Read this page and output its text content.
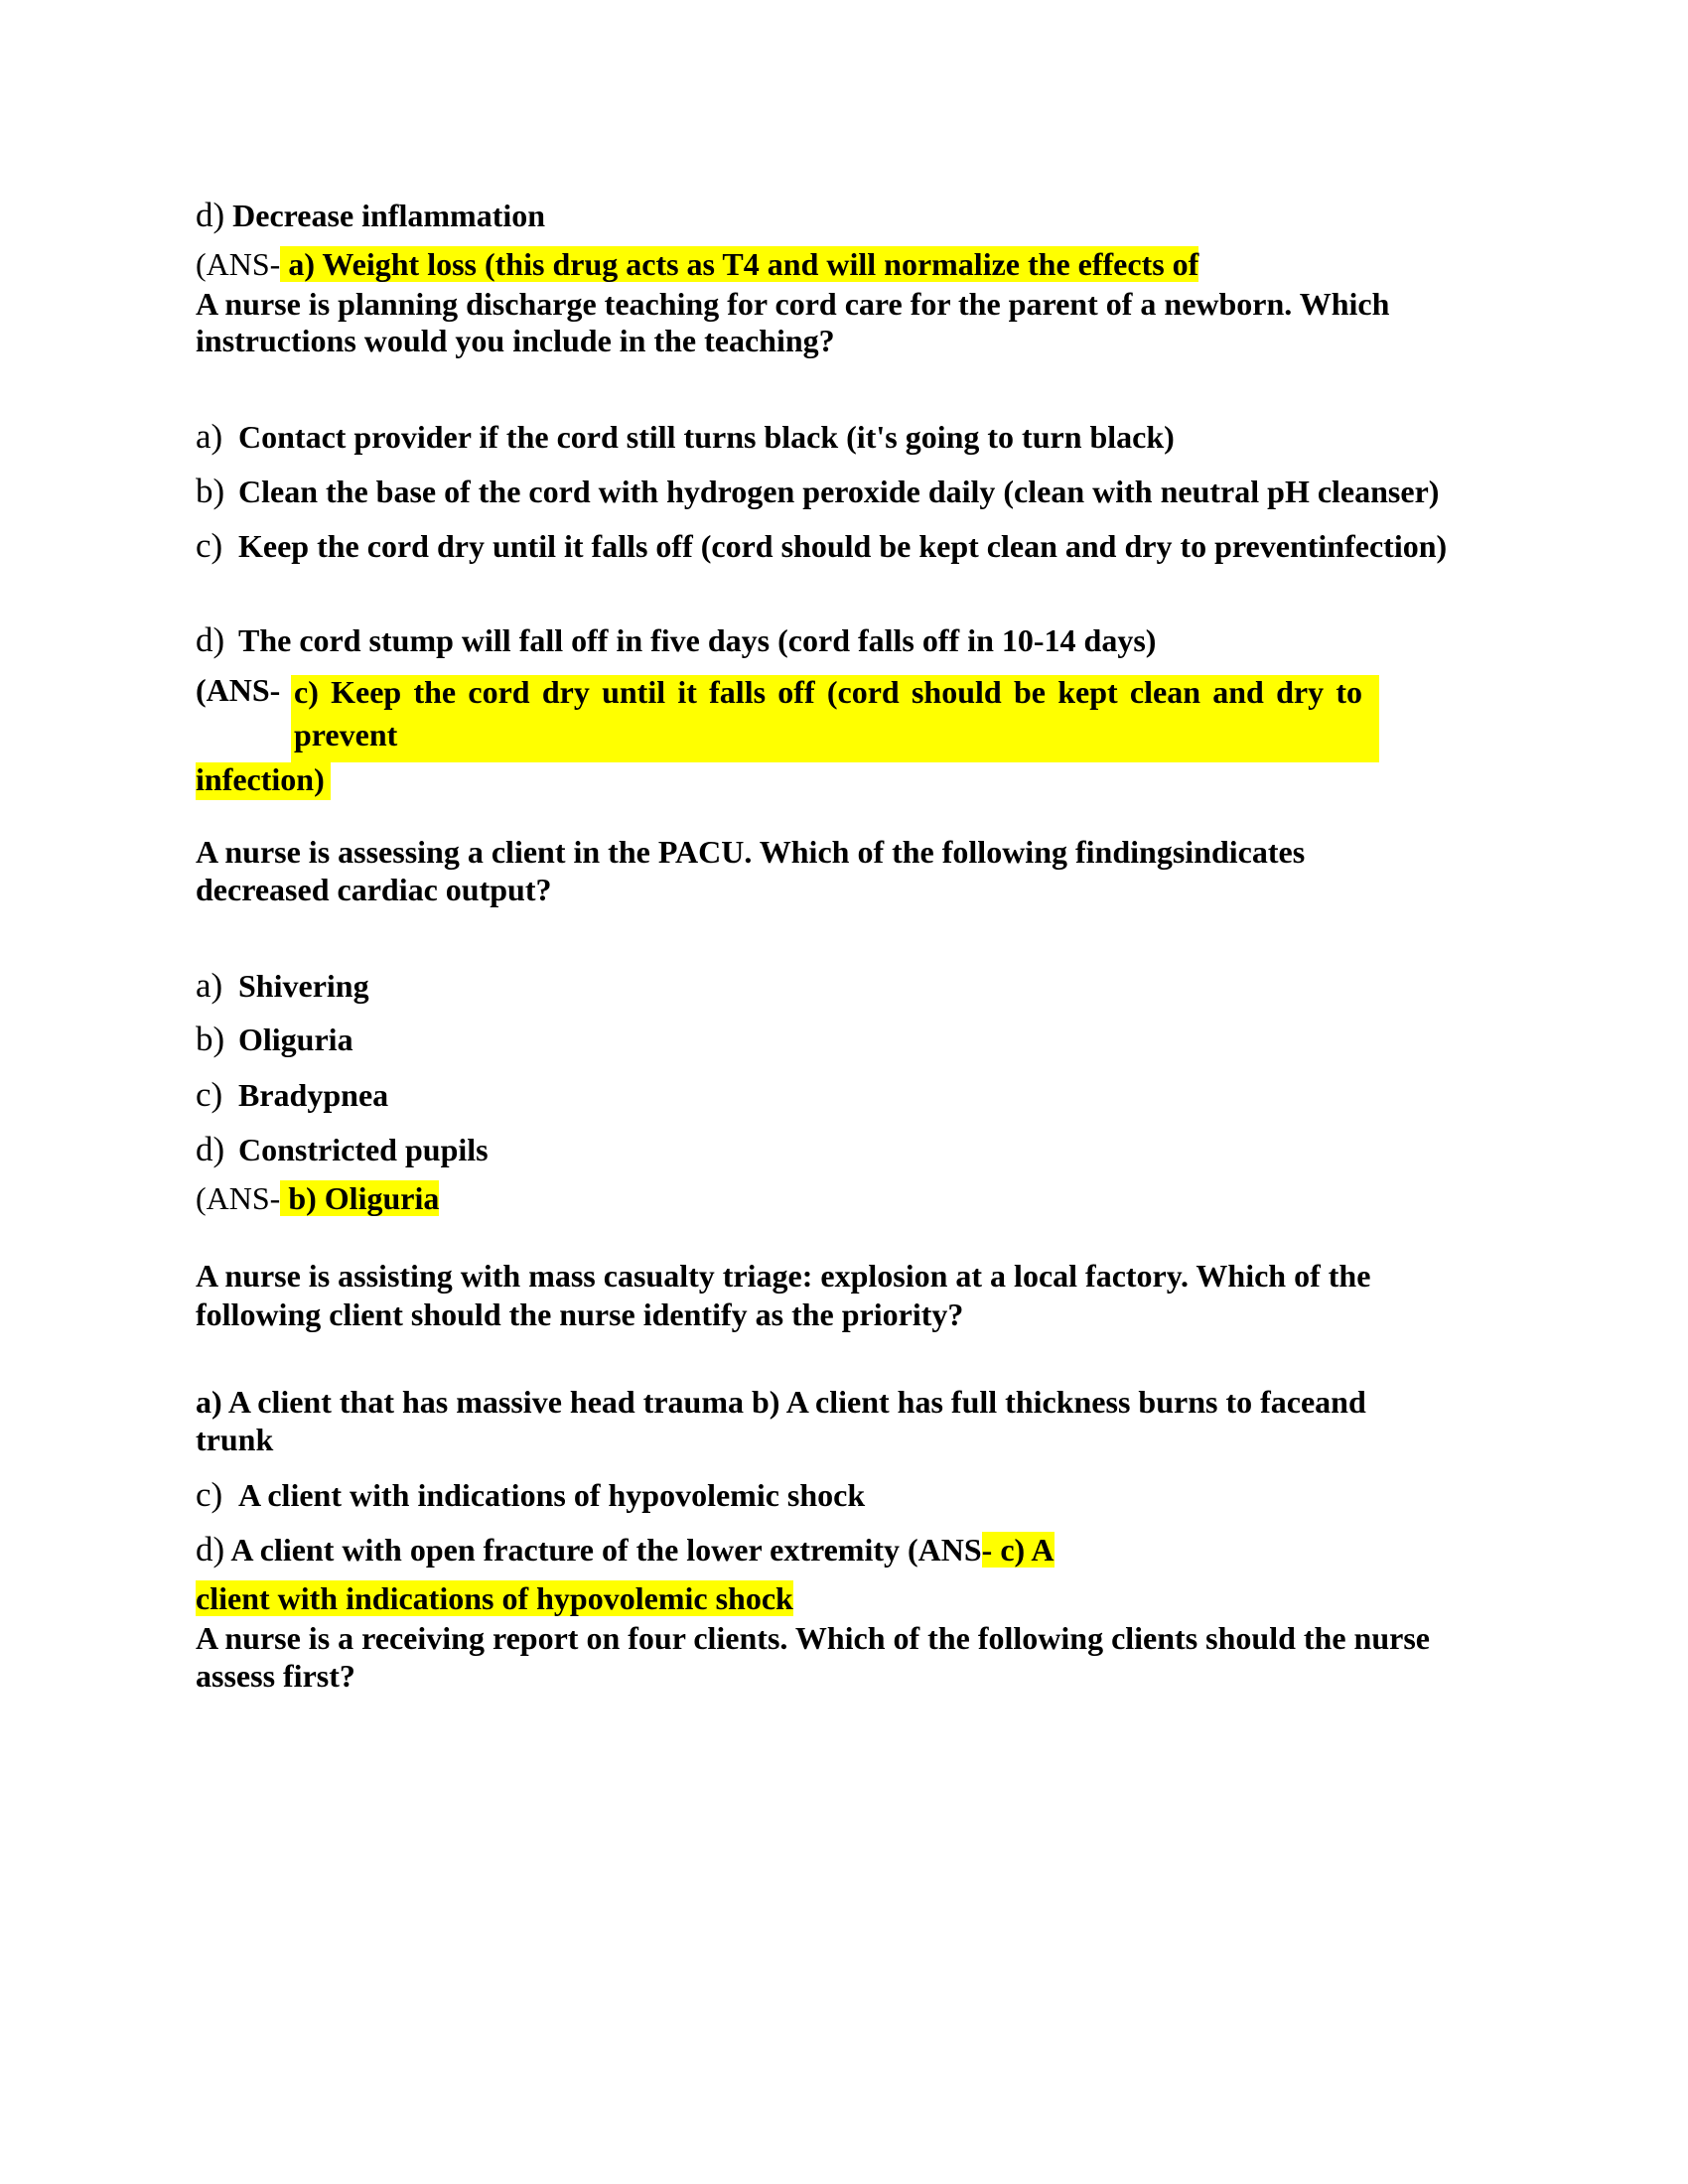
d) Decrease inflammation
(ANS- a) Weight loss (this drug acts as T4 and will normalize the effects of
A nurse is planning discharge teaching for cord care for the parent of a newborn. Which
instructions would you include in the teaching?
a) Contact provider if the cord still turns black (it's going to turn black)
b) Clean the base of the cord with hydrogen peroxide daily (clean with neutral pH cleanser)
c) Keep the cord dry until it falls off (cord should be kept clean and dry to preventinfection)
d) The cord stump will fall off in five days (cord falls off in 10-14 days)
(ANS- c) Keep the cord dry until it falls off (cord should be kept clean and dry to prevent
infection)
A nurse is assessing a client in the PACU. Which of the following findingsindicates
decreased cardiac output?
a) Shivering
b) Oliguria
c) Bradypnea
d) Constricted pupils
(ANS- b) Oliguria
A nurse is assisting with mass casualty triage: explosion at a local factory. Which of the
following client should the nurse identify as the priority?
a) A client that has massive head trauma b) A client has full thickness burns to faceand
trunk
c) A client with indications of hypovolemic shock
d) A client with open fracture of the lower extremity (ANS- c) A
client with indications of hypovolemic shock
A nurse is a receiving report on four clients. Which of the following clients should the nurse
assess first?
